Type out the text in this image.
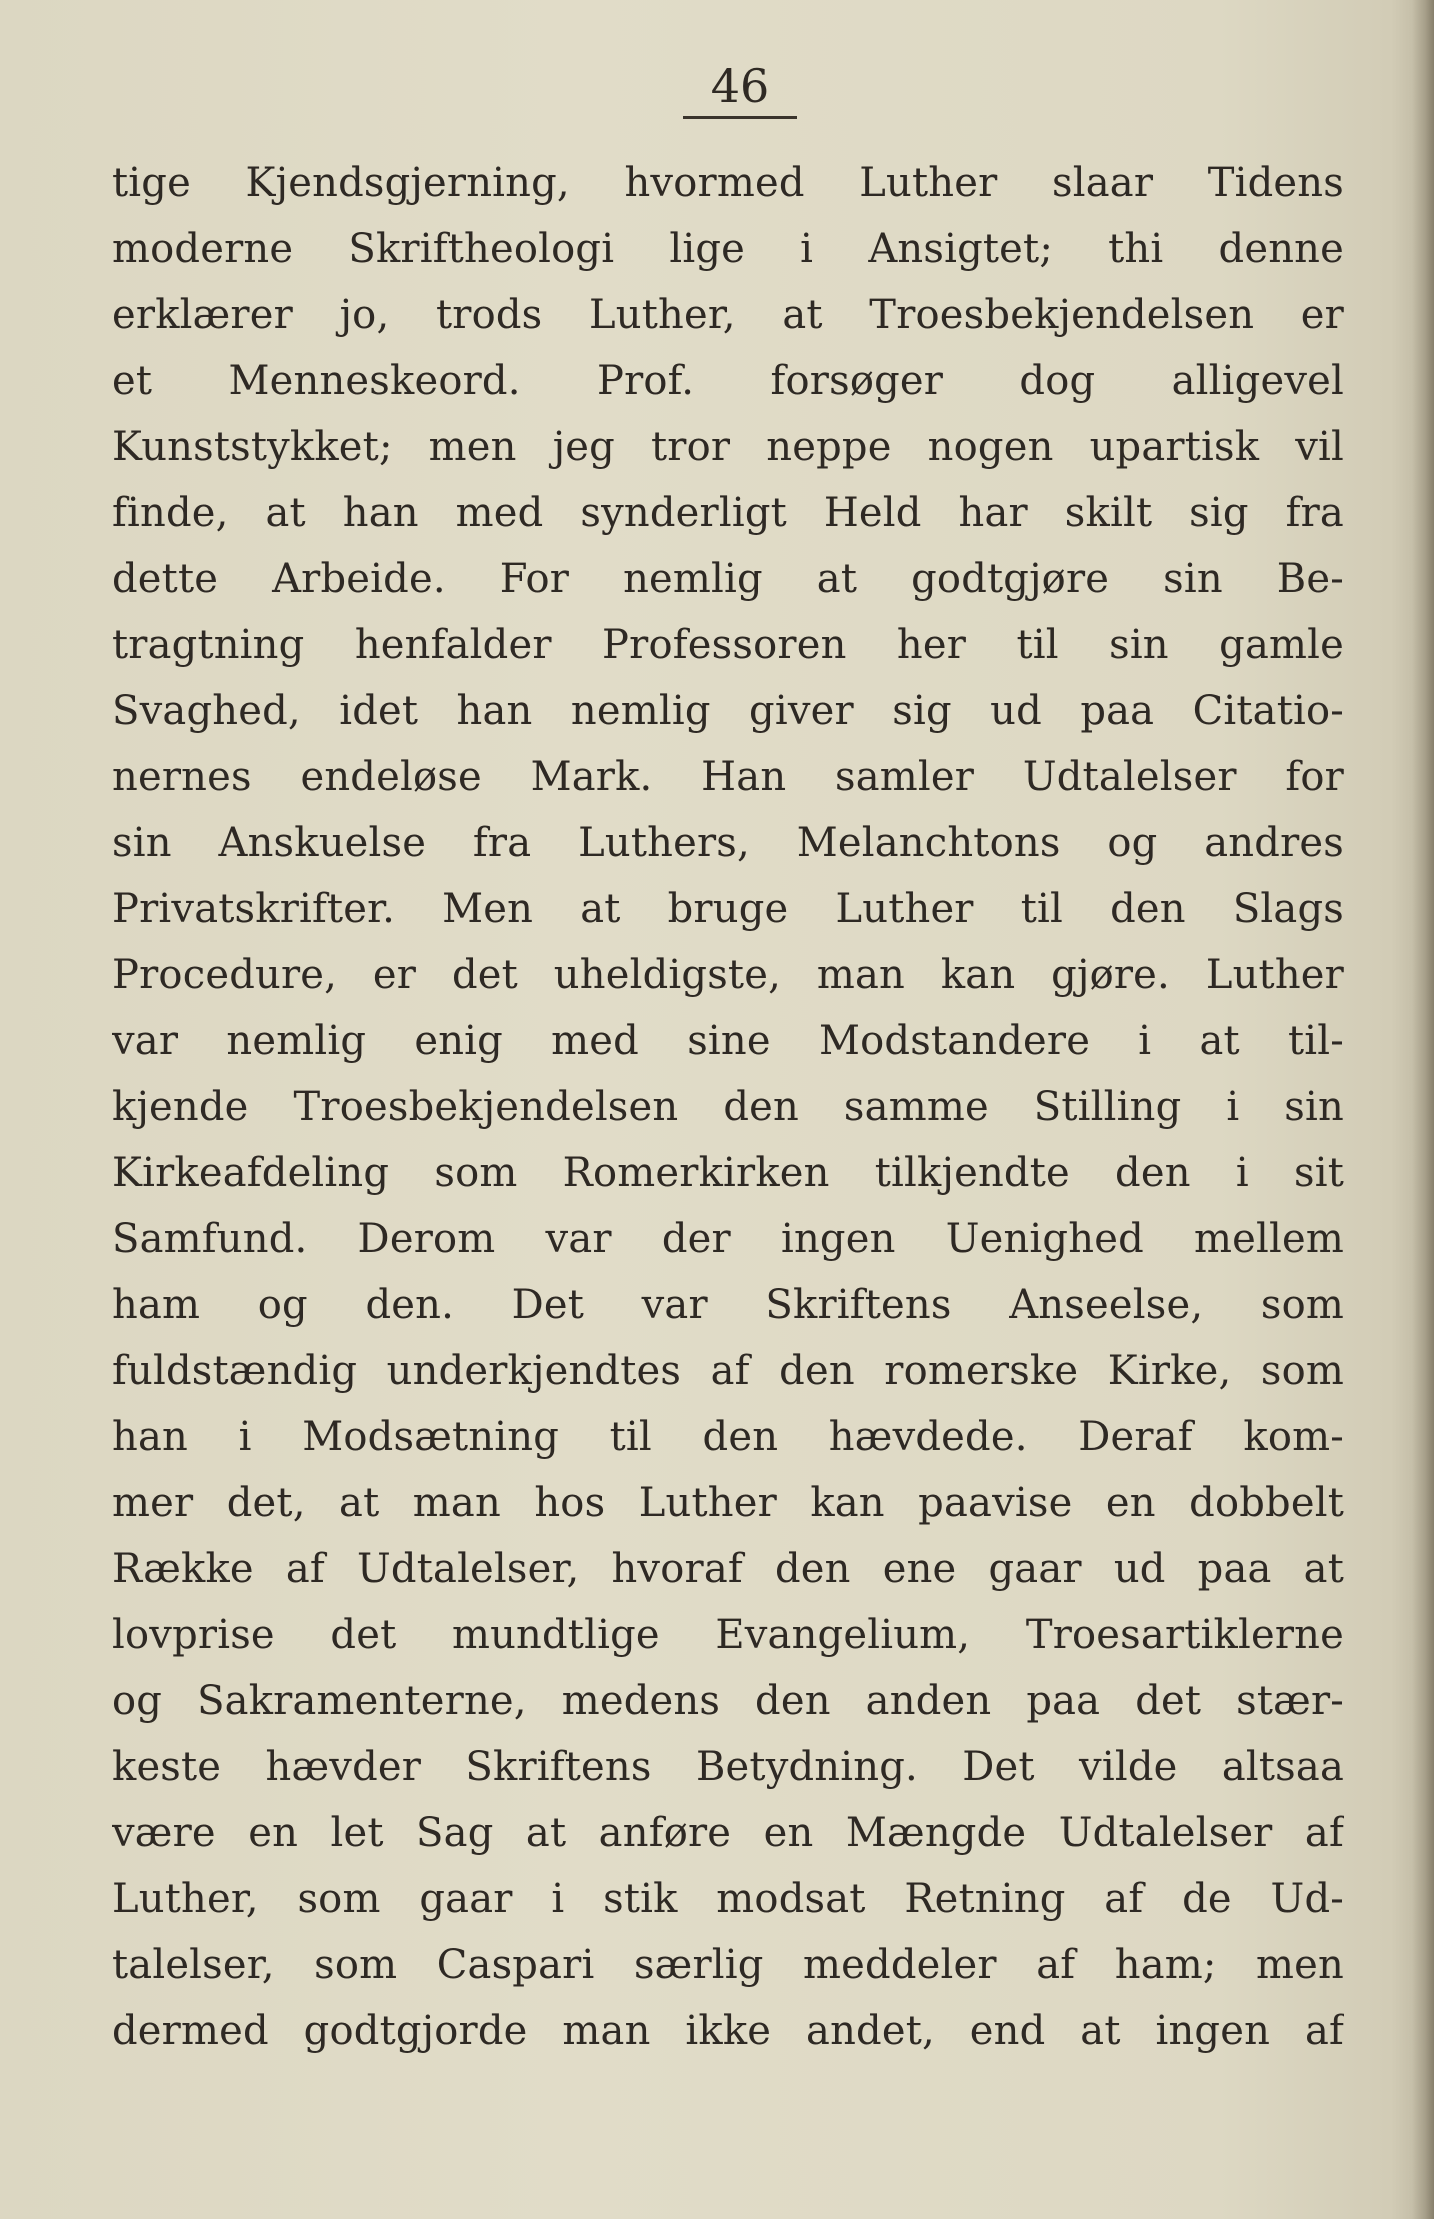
46
tige Kjendsgjerning, hvormed Luther slaar Tidens
moderne Skriftheologi lige i Ansigtet; thi denne
erklærer jo, trods Luther, at Troesbekjendelsen er
et Menneskeord. Prof. forsøger dog alligevel
Kunststykket; men jeg tror neppe nogen upartisk vil
finde, at han med synderligt Held har skilt sig fra
dette Arbeide. For nemlig at godtgjøre sin Be-
tragtning henfalder Professoren her til sin gamle
Svaghed, idet han nemlig giver sig ud paa Citatio-
nernes endeløse Mark. Han samler Udtalelser for
sin Anskuelse fra Luthers, Melanchtons og andres
Privatskrifter. Men at bruge Luther til den Slags
Procedure, er det uheldigste, man kan gjøre. Luther
var nemlig enig med sine Modstandere i at til-
kjende Troesbekjendelsen den samme Stilling i sin
Kirkeafdeling som Romerkirken tilkjendte den i sit
Samfund. Derom var der ingen Uenighed mellem
ham og den. Det var Skriftens Anseelse, som
fuldstændig underkjendtes af den romerske Kirke, som
han i Modsætning til den hævdede. Deraf kom-
mer det, at man hos Luther kan paavise en dobbelt
Række af Udtalelser, hvoraf den ene gaar ud paa at
lovprise det mundtlige Evangelium, Troesartiklerne
og Sakramenterne, medens den anden paa det stær-
keste hævder Skriftens Betydning. Det vilde altsaa
være en let Sag at anføre en Mængde Udtalelser af
Luther, som gaar i stik modsat Retning af de Ud-
talelser, som Caspari særlig meddeler af ham; men
dermed godtgjorde man ikke andet, end at ingen af
